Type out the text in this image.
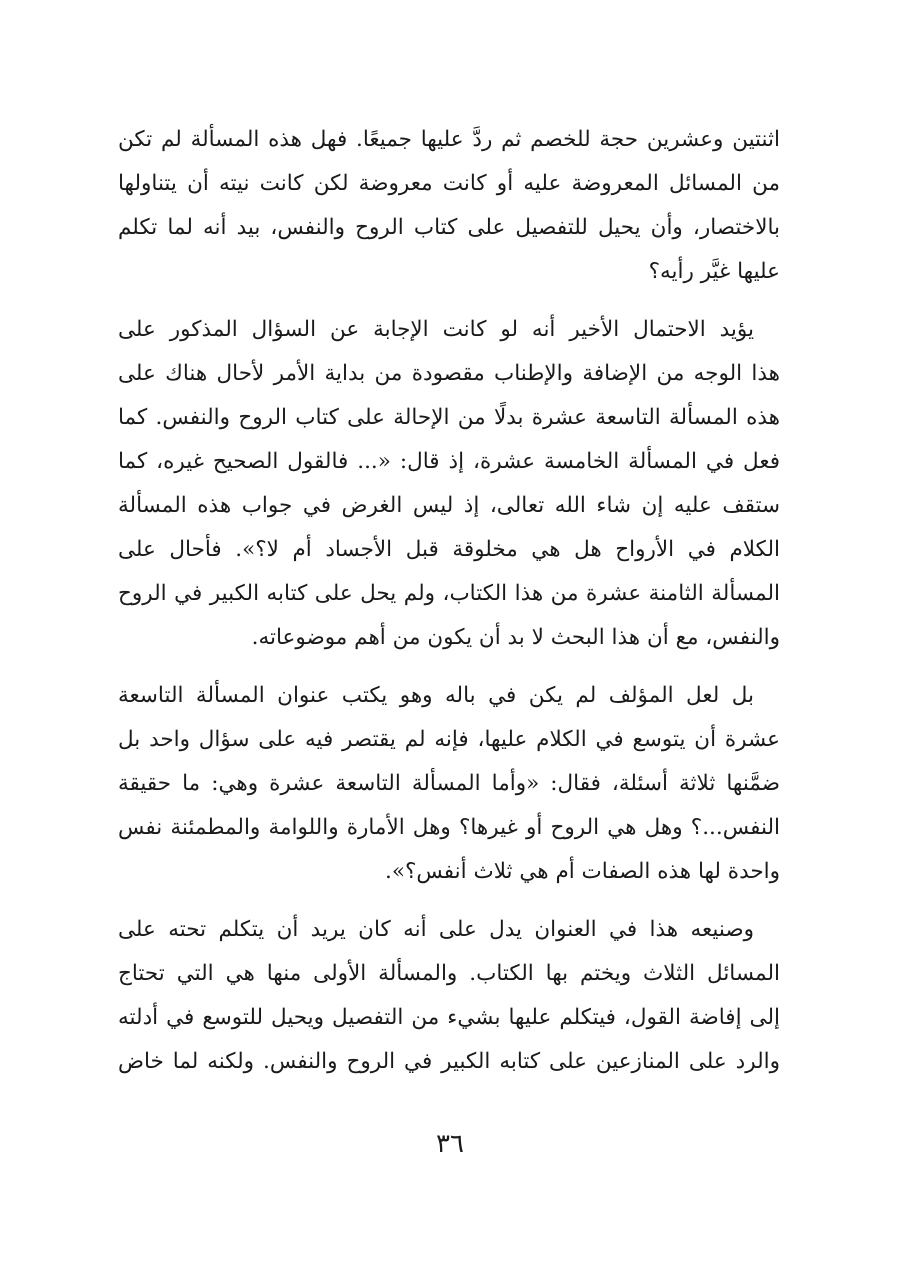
اثنتين وعشرين حجة للخصم ثم ردَّ عليها جميعًا. فهل هذه المسألة لم تكن
من المسائل المعروضة عليه أو كانت معروضة لكن كانت نيته أن يتناولها
بالاختصار، وأن يحيل للتفصيل على كتاب الروح والنفس، بيد أنه لما تكلم
عليها غيَّر رأيه؟
يؤيد الاحتمال الأخير أنه لو كانت الإجابة عن السؤال المذكور على
هذا الوجه من الإضافة والإطناب مقصودة من بداية الأمر لأحال هناك على
هذه المسألة التاسعة عشرة بدلًا من الإحالة على كتاب الروح والنفس. كما
فعل في المسألة الخامسة عشرة، إذ قال: «... فالقول الصحيح غيره، كما
ستقف عليه إن شاء الله تعالى، إذ ليس الغرض في جواب هذه المسألة
الكلام في الأرواح هل هي مخلوقة قبل الأجساد أم لا؟». فأحال على
المسألة الثامنة عشرة من هذا الكتاب، ولم يحل على كتابه الكبير في الروح
والنفس، مع أن هذا البحث لا بد أن يكون من أهم موضوعاته.
بل لعل المؤلف لم يكن في باله وهو يكتب عنوان المسألة التاسعة
عشرة أن يتوسع في الكلام عليها، فإنه لم يقتصر فيه على سؤال واحد بل
ضمَّنها ثلاثة أسئلة، فقال: «وأما المسألة التاسعة عشرة وهي: ما حقيقة
النفس...؟ وهل هي الروح أو غيرها؟ وهل الأمارة واللوامة والمطمئنة نفس
واحدة لها هذه الصفات أم هي ثلاث أنفس؟».
وصنيعه هذا في العنوان يدل على أنه كان يريد أن يتكلم تحته على
المسائل الثلاث ويختم بها الكتاب. والمسألة الأولى منها هي التي تحتاج
إلى إفاضة القول، فيتكلم عليها بشيء من التفصيل ويحيل للتوسع في أدلته
والرد على المنازعين على كتابه الكبير في الروح والنفس. ولكنه لما خاض
٣٦
